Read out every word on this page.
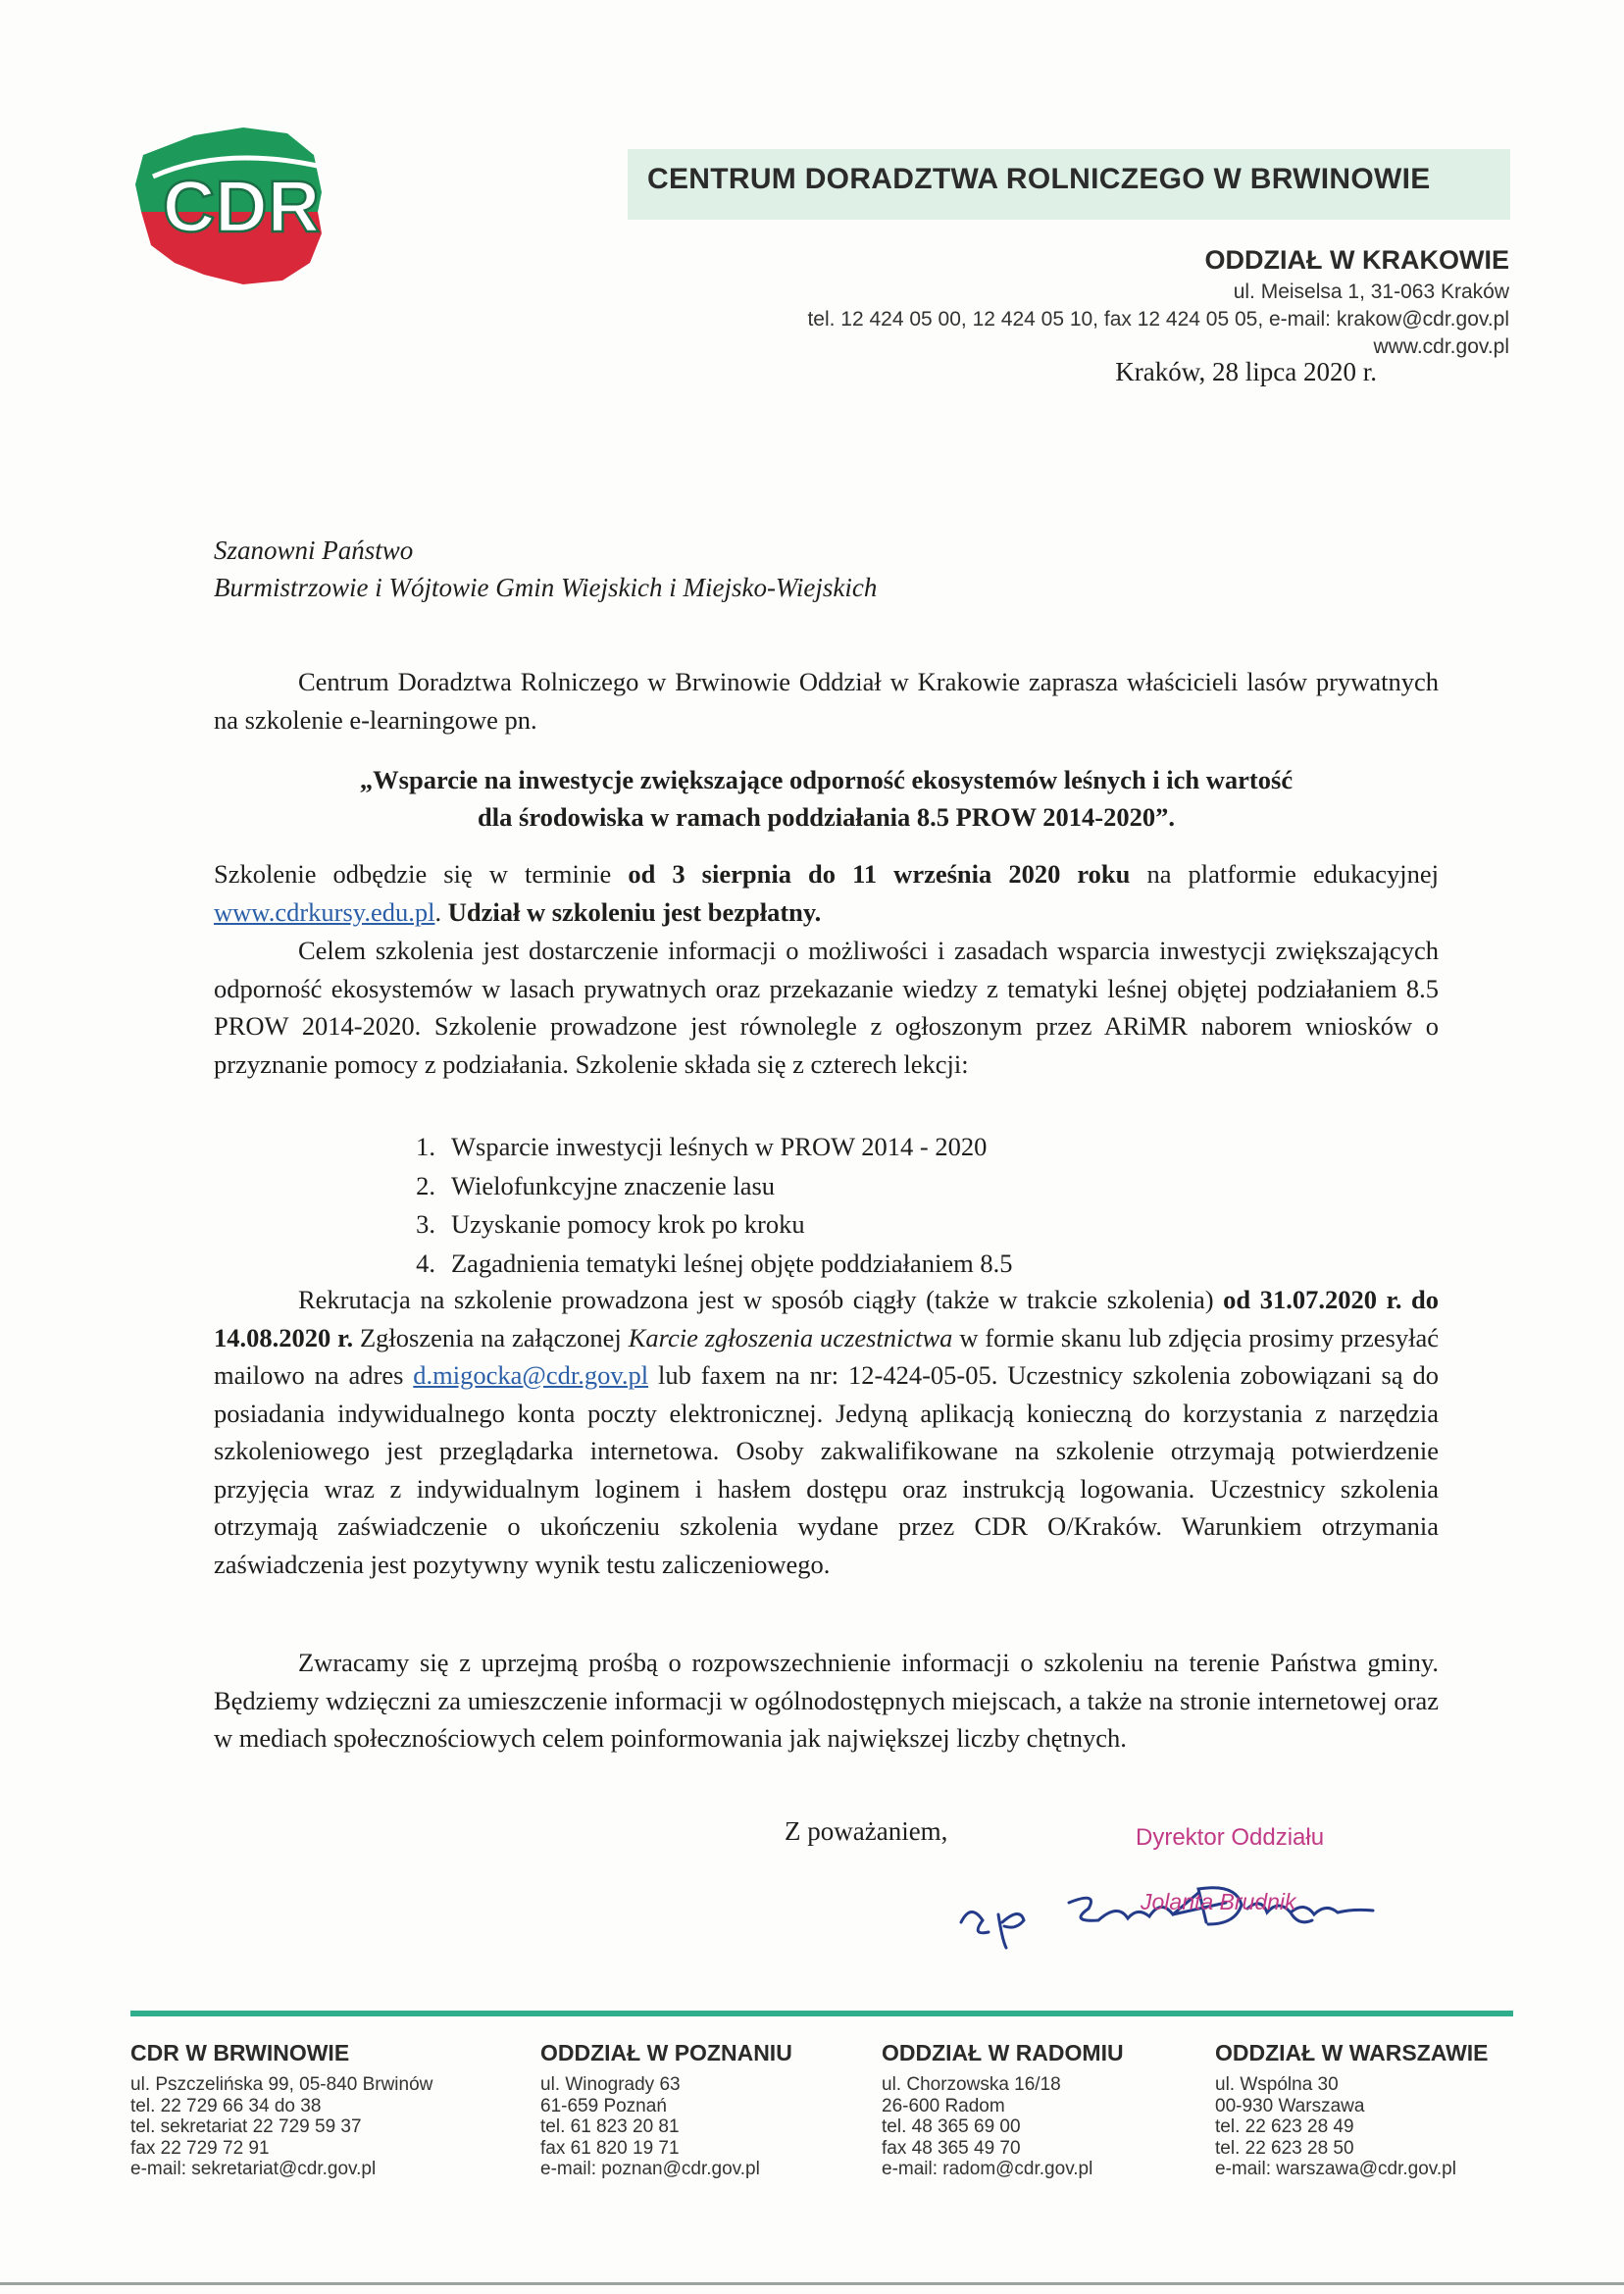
CDR	CENTRUM DORADZTWA ROLNICZEGO W BRWINOWIE
ODDZIAŁ W KRAKOWIE
ul. Meiselsa 1, 31-063 Kraków
tel. 12 424 05 00, 12 424 05 10, fax 12 424 05 05, e-mail: krakow@cdr.gov.pl
www.cdr.gov.pl
Kraków, 28 lipca 2020 r.
Szanowni Państwo
Burmistrzowie i Wójtowie Gmin Wiejskich i Miejsko-Wiejskich

Centrum Doradztwa Rolniczego w Brwinowie Oddział w Krakowie zaprasza właścicieli lasów prywatnych na szkolenie e-learningowe pn.

„Wsparcie na inwestycje zwiększające odporność ekosystemów leśnych i ich wartość

dla środowiska w ramach poddziałania 8.5 PROW 2014-2020”.

Szkolenie odbędzie się w terminie od 3 sierpnia do 11 września 2020 roku na platformie edukacyjnej www.cdrkursy.edu.pl. Udział w szkoleniu jest bezpłatny.

Celem szkolenia jest dostarczenie informacji o możliwości i zasadach wsparcia inwestycji zwiększających odporność ekosystemów w lasach prywatnych oraz przekazanie wiedzy z tematyki leśnej objętej podziałaniem 8.5 PROW 2014-2020. Szkolenie prowadzone jest równolegle z ogłoszonym przez ARiMR naborem wniosków o przyznanie pomocy z podziałania. Szkolenie składa się z czterech lekcji:

1. Wsparcie inwestycji leśnych w PROW 2014 - 2020
2. Wielofunkcyjne znaczenie lasu
3. Uzyskanie pomocy krok po kroku
4. Zagadnienia tematyki leśnej objęte poddziałaniem 8.5

Rekrutacja na szkolenie prowadzona jest w sposób ciągły (także w trakcie szkolenia) od 31.07.2020 r. do 14.08.2020 r. Zgłoszenia na załączonej Karcie zgłoszenia uczestnictwa w formie skanu lub zdjęcia prosimy przesyłać mailowo na adres d.migocka@cdr.gov.pl lub faxem na nr: 12-424-05-05. Uczestnicy szkolenia zobowiązani są do posiadania indywidualnego konta poczty elektronicznej. Jedyną aplikacją konieczną do korzystania z narzędzia szkoleniowego jest przeglądarka internetowa. Osoby zakwalifikowane na szkolenie otrzymają potwierdzenie przyjęcia wraz z indywidualnym loginem i hasłem dostępu oraz instrukcją logowania. Uczestnicy szkolenia otrzymają zaświadczenie o ukończeniu szkolenia wydane przez CDR O/Kraków. Warunkiem otrzymania zaświadczenia jest pozytywny wynik testu zaliczeniowego.

Zwracamy się z uprzejmą prośbą o rozpowszechnienie informacji o szkoleniu na terenie Państwa gminy. Będziemy wdzięczni za umieszczenie informacji w ogólnodostępnych miejscach, a także na stronie internetowej oraz w mediach społecznościowych celem poinformowania jak największej liczby chętnych.

Z poważaniem,	Dyrektor Oddziału
Jolanta Brudnik
CDR W BRWINOWIE
ul. Pszczelińska 99, 05-840 Brwinów
tel. 22 729 66 34 do 38
tel. sekretariat 22 729 59 37
fax 22 729 72 91
e-mail: sekretariat@cdr.gov.pl
ODDZIAŁ W POZNANIU
ul. Winogrady 63
61-659 Poznań
tel. 61 823 20 81
fax 61 820 19 71
e-mail: poznan@cdr.gov.pl
ODDZIAŁ W RADOMIU
ul. Chorzowska 16/18
26-600 Radom
tel. 48 365 69 00
fax 48 365 49 70
e-mail: radom@cdr.gov.pl
ODDZIAŁ W WARSZAWIE
ul. Wspólna 30
00-930 Warszawa
tel. 22 623 28 49
tel. 22 623 28 50
e-mail: warszawa@cdr.gov.pl
